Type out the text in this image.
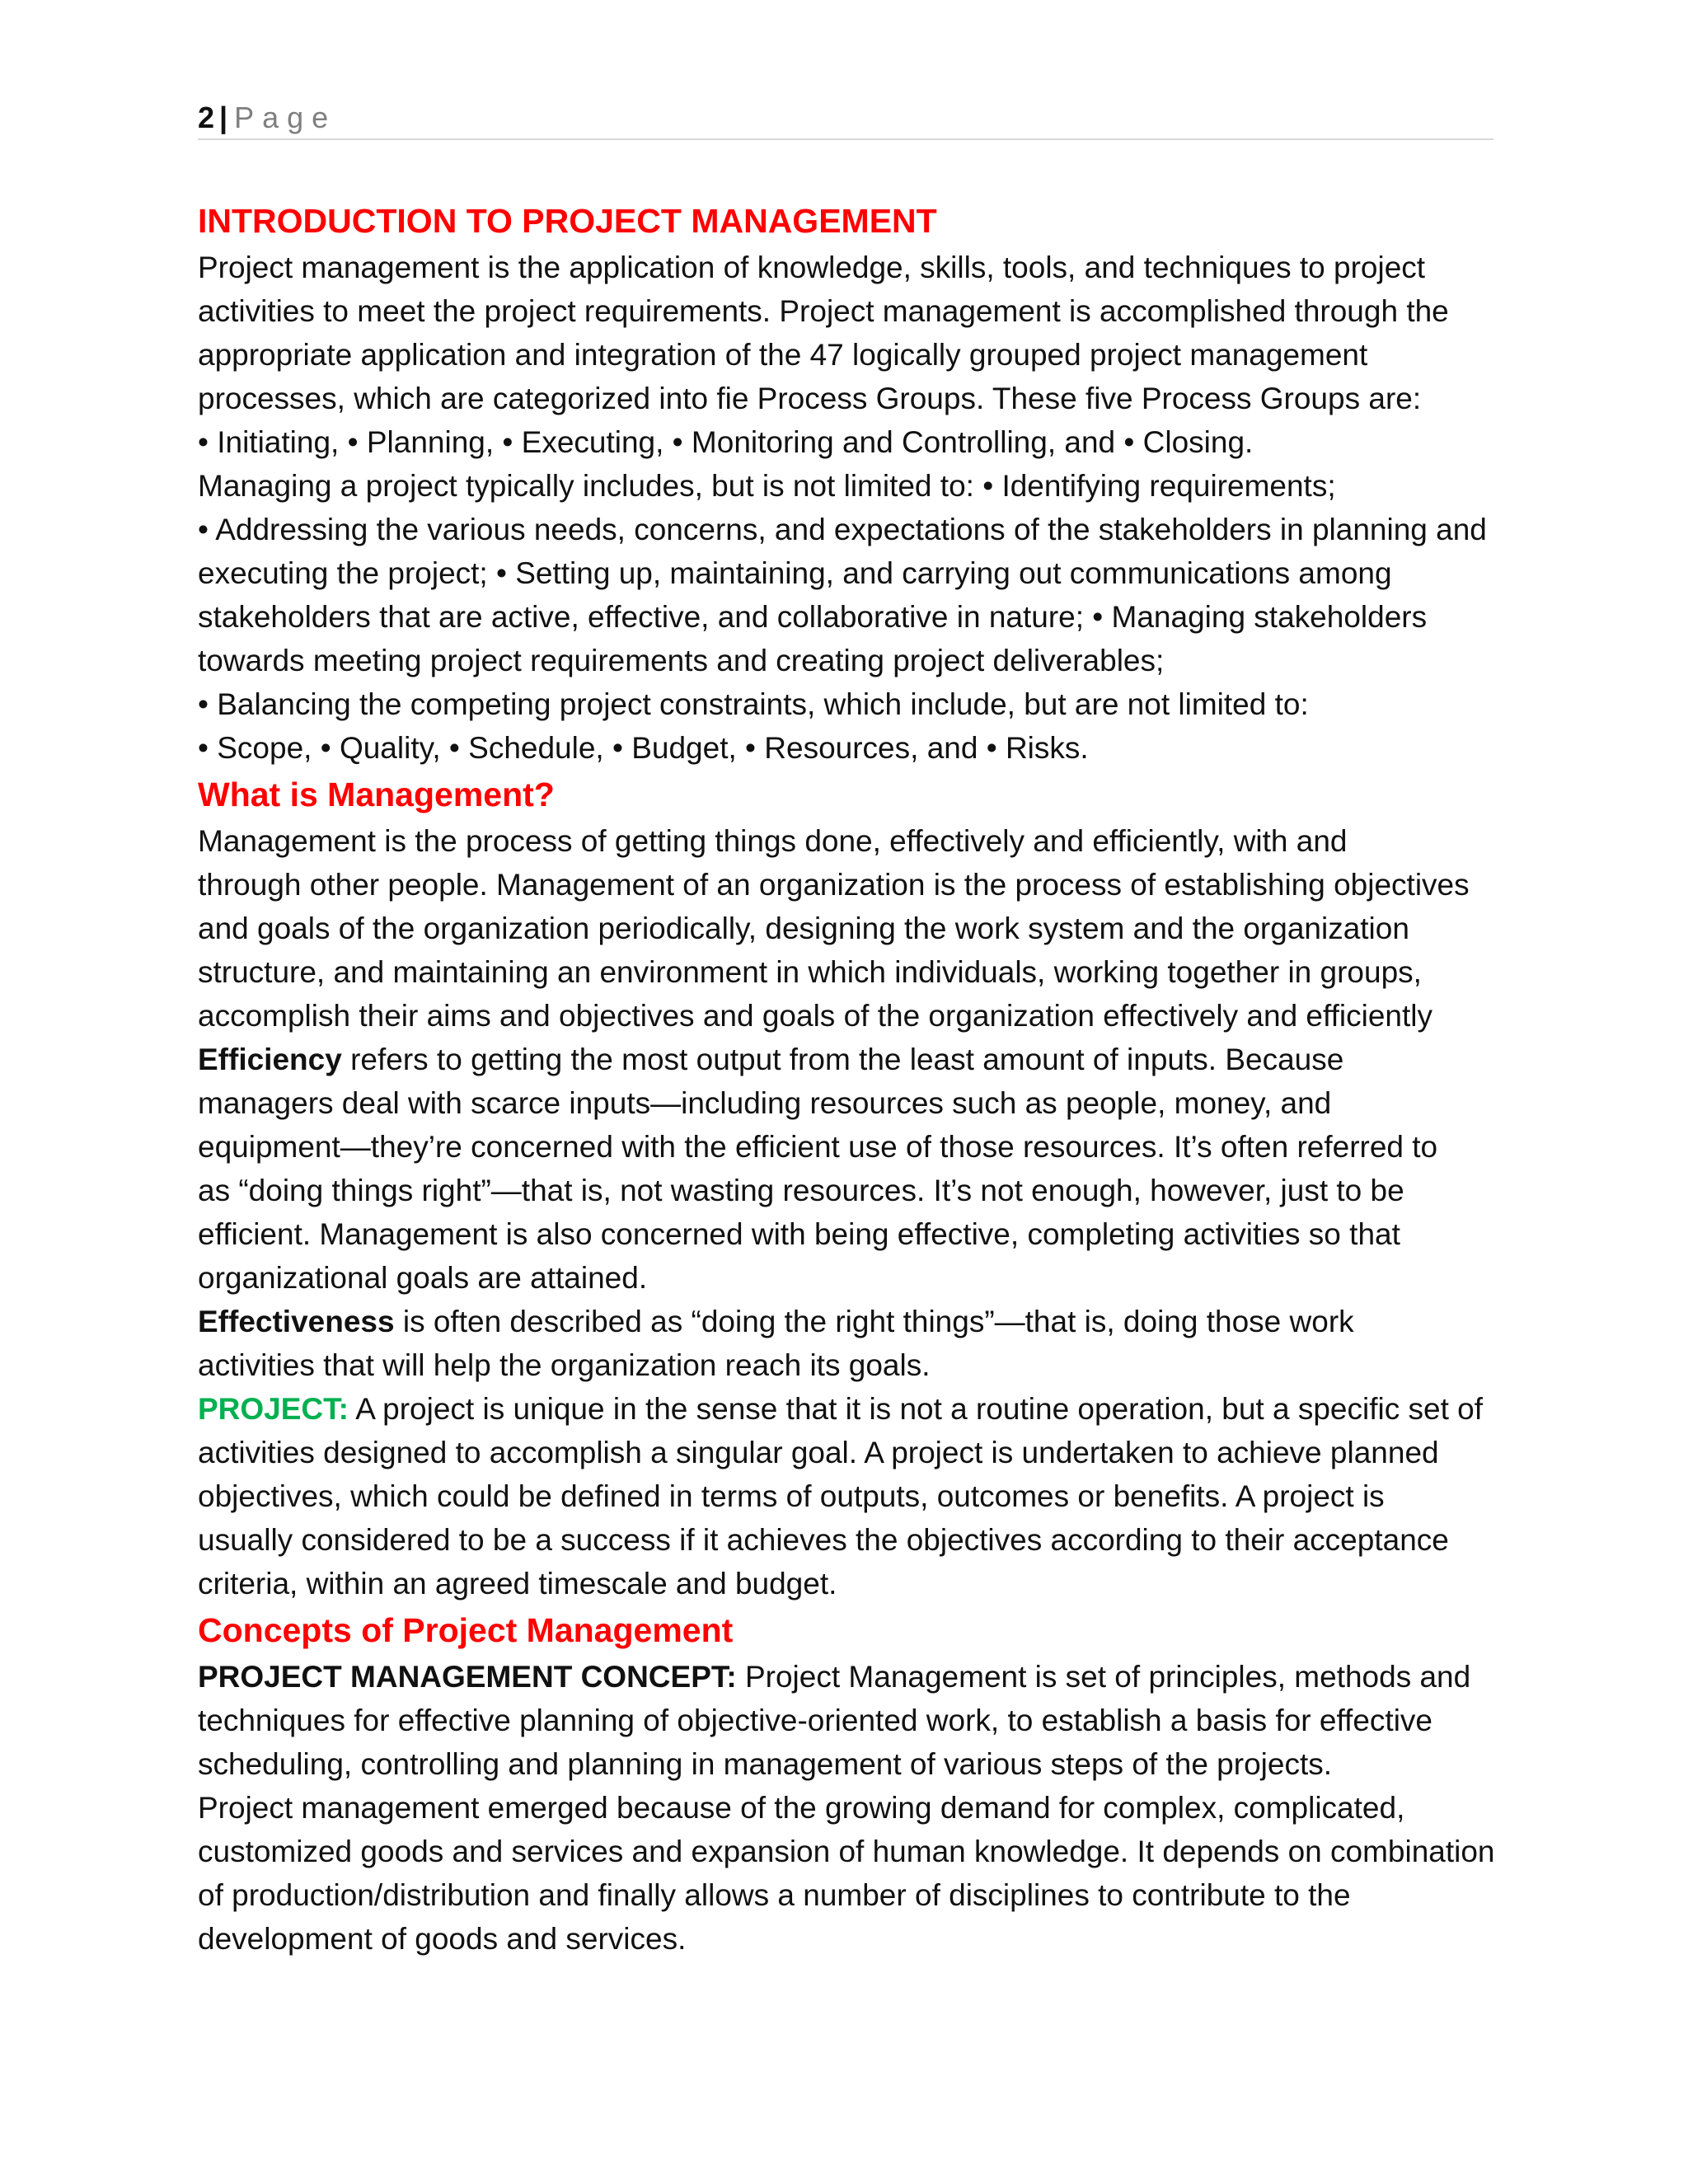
2 | Page
INTRODUCTION TO PROJECT MANAGEMENT

Project management is the application of knowledge, skills, tools, and techniques to project

activities to meet the project requirements. Project management is accomplished through the

appropriate application and integration of the 47 logically grouped project management

processes, which are categorized into fie Process Groups. These five Process Groups are:

• Initiating, • Planning, • Executing, • Monitoring and Controlling, and • Closing.

Managing a project typically includes, but is not limited to: • Identifying requirements;

• Addressing the various needs, concerns, and expectations of the stakeholders in planning and

executing the project; • Setting up, maintaining, and carrying out communications among

stakeholders that are active, effective, and collaborative in nature; • Managing stakeholders

towards meeting project requirements and creating project deliverables;

• Balancing the competing project constraints, which include, but are not limited to:

• Scope, • Quality, • Schedule, • Budget, • Resources, and • Risks.

What is Management?

Management is the process of getting things done, effectively and efficiently, with and

through other people. Management of an organization is the process of establishing objectives

and goals of the organization periodically, designing the work system and the organization

structure, and maintaining an environment in which individuals, working together in groups,

accomplish their aims and objectives and goals of the organization effectively and efficiently

Efficiency refers to getting the most output from the least amount of inputs. Because

managers deal with scarce inputs—including resources such as people, money, and

equipment—they’re concerned with the efficient use of those resources. It’s often referred to

as “doing things right”—that is, not wasting resources. It’s not enough, however, just to be

efficient. Management is also concerned with being effective, completing activities so that

organizational goals are attained.

Effectiveness is often described as “doing the right things”—that is, doing those work

activities that will help the organization reach its goals.

PROJECT: A project is unique in the sense that it is not a routine operation, but a specific set of

activities designed to accomplish a singular goal. A project is undertaken to achieve planned

objectives, which could be defined in terms of outputs, outcomes or benefits. A project is

usually considered to be a success if it achieves the objectives according to their acceptance

criteria, within an agreed timescale and budget.

Concepts of Project Management

PROJECT MANAGEMENT CONCEPT: Project Management is set of principles, methods and

techniques for effective planning of objective-oriented work, to establish a basis for effective

scheduling, controlling and planning in management of various steps of the projects.

Project management emerged because of the growing demand for complex, complicated,

customized goods and services and expansion of human knowledge. It depends on combination

of production/distribution and finally allows a number of disciplines to contribute to the

development of goods and services.
